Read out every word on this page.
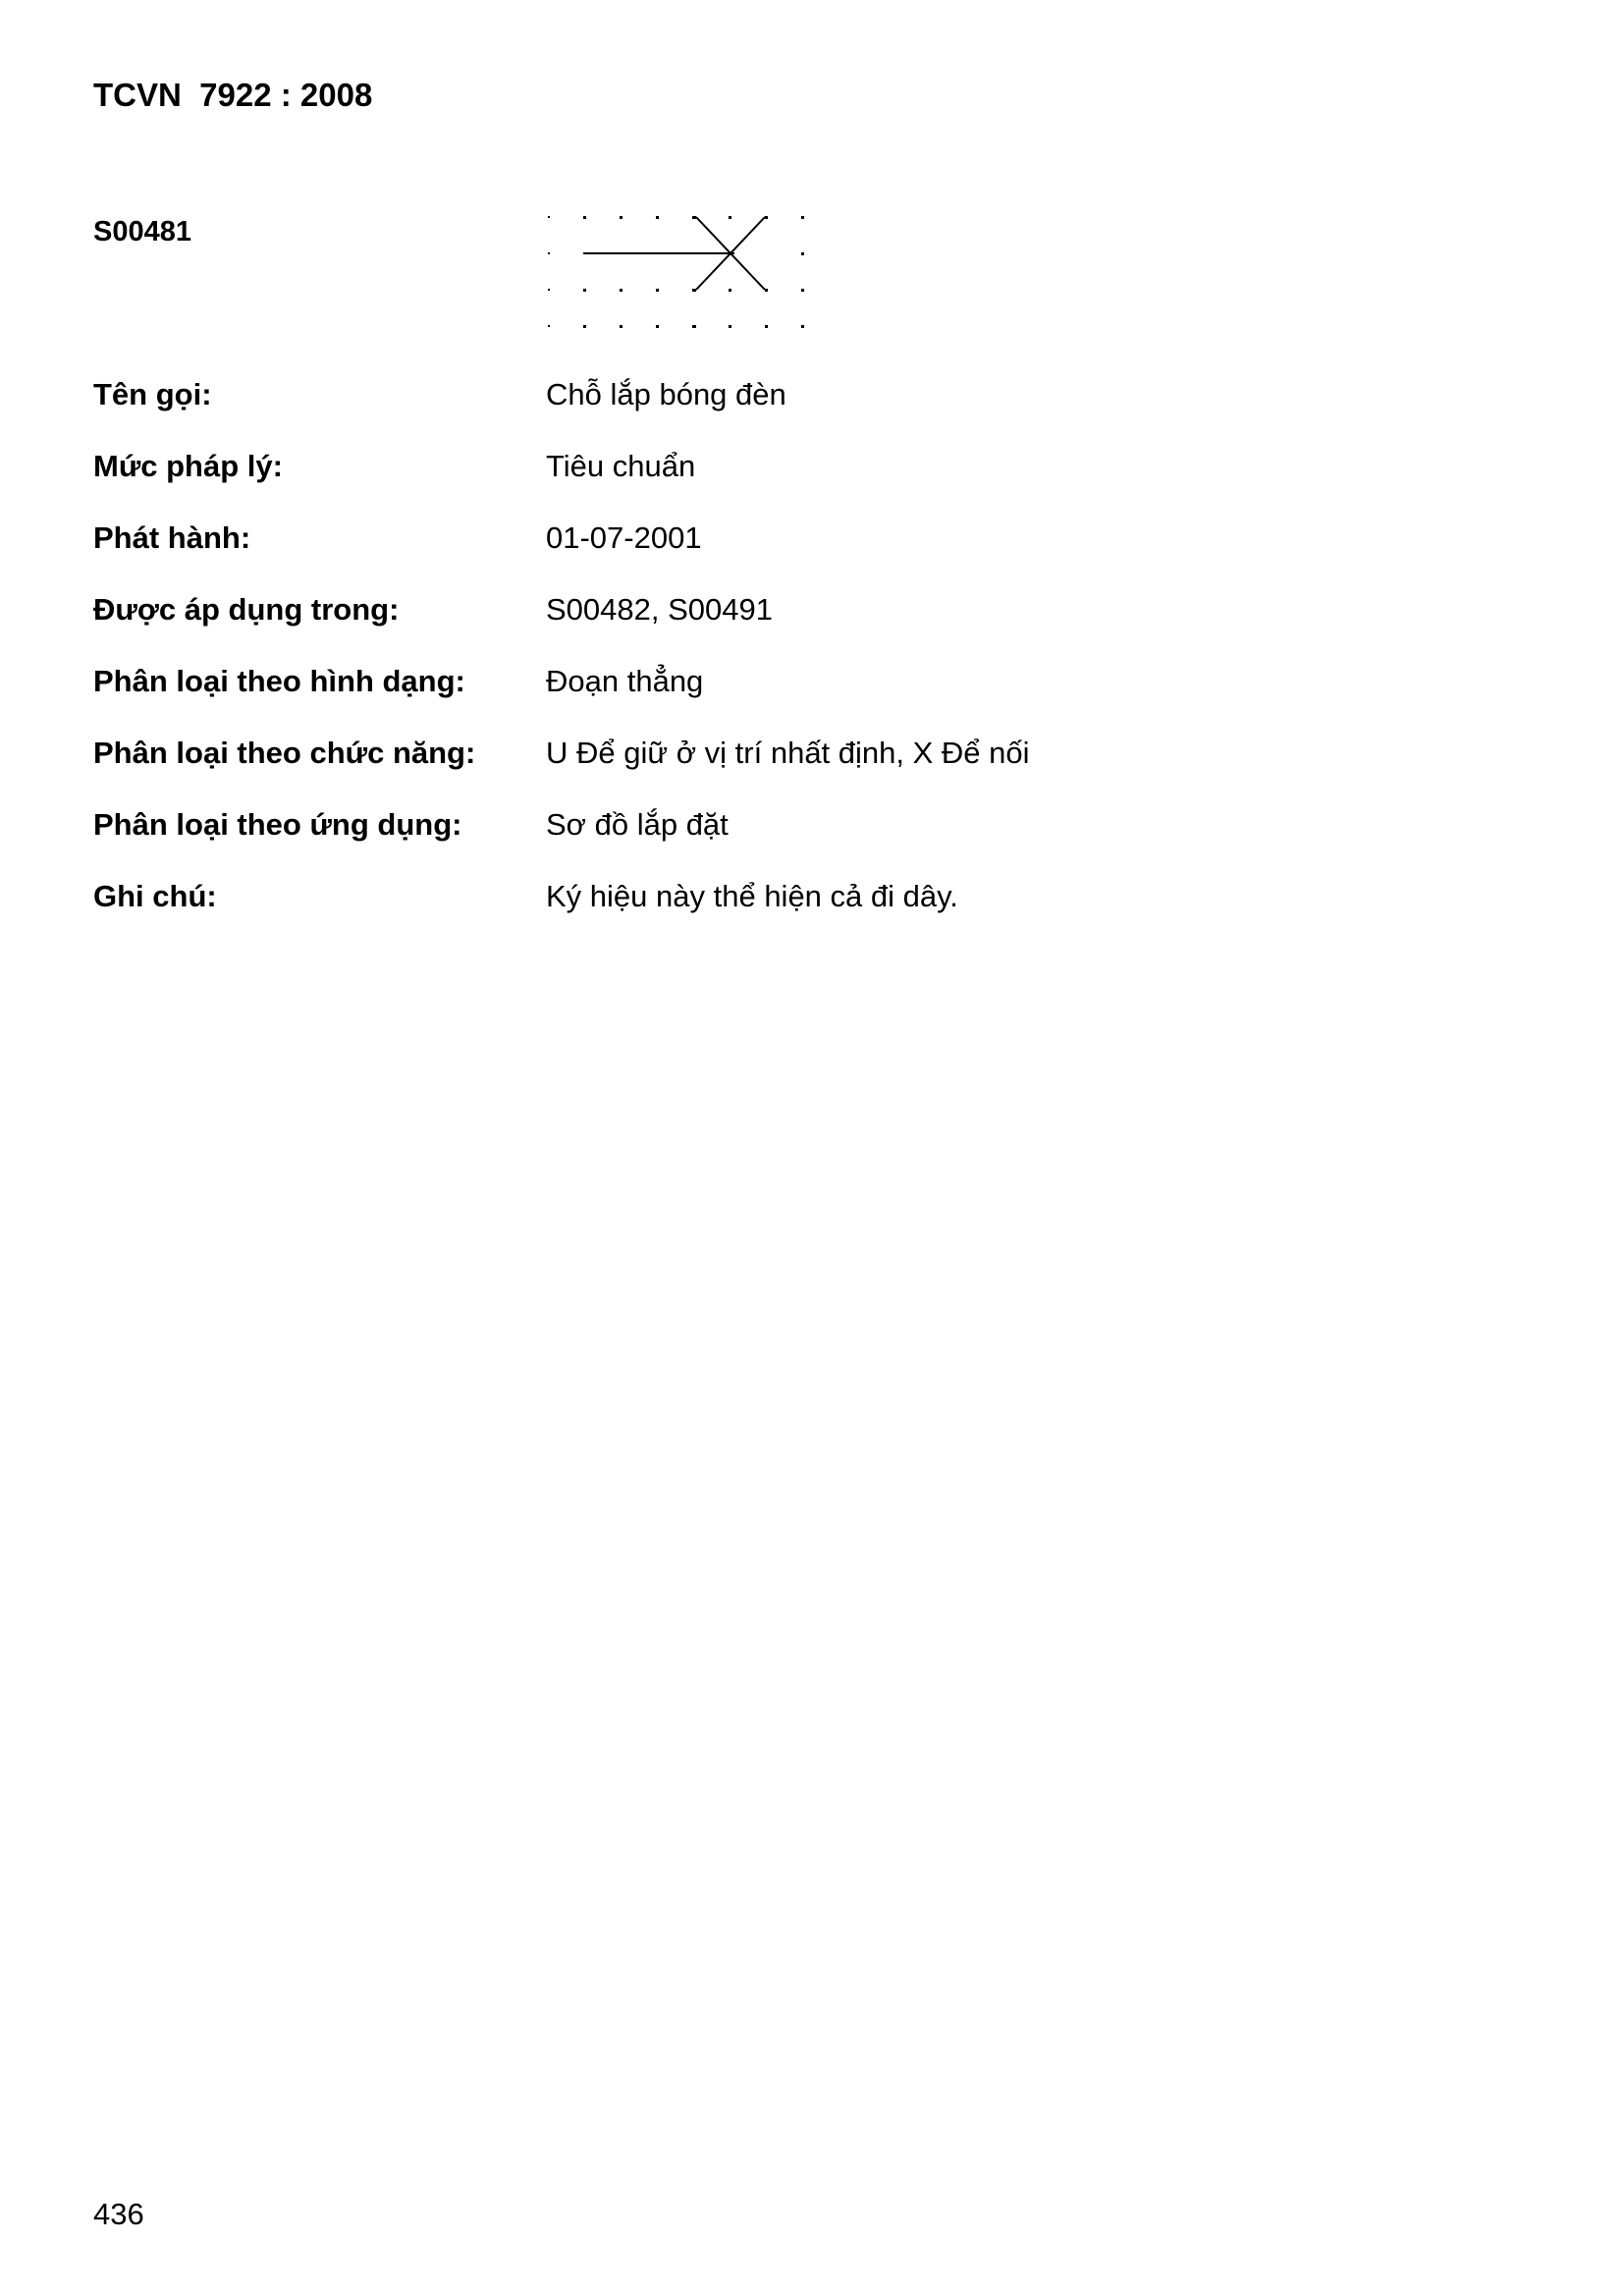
TCVN  7922 : 2008
S00481
Tên gọi:	Chỗ lắp bóng đèn
Mức pháp lý:	Tiêu chuẩn
Phát hành:	01-07-2001
Được áp dụng trong:	S00482, S00491
Phân loại theo hình dạng:	Đoạn thẳng
Phân loại theo chức năng: U Để giữ ở vị trí nhất định, X Để nối
Phân loại theo ứng dụng:	Sơ đồ lắp đặt
Ghi chú:	Ký hiệu này thể hiện cả đi dây.
436
